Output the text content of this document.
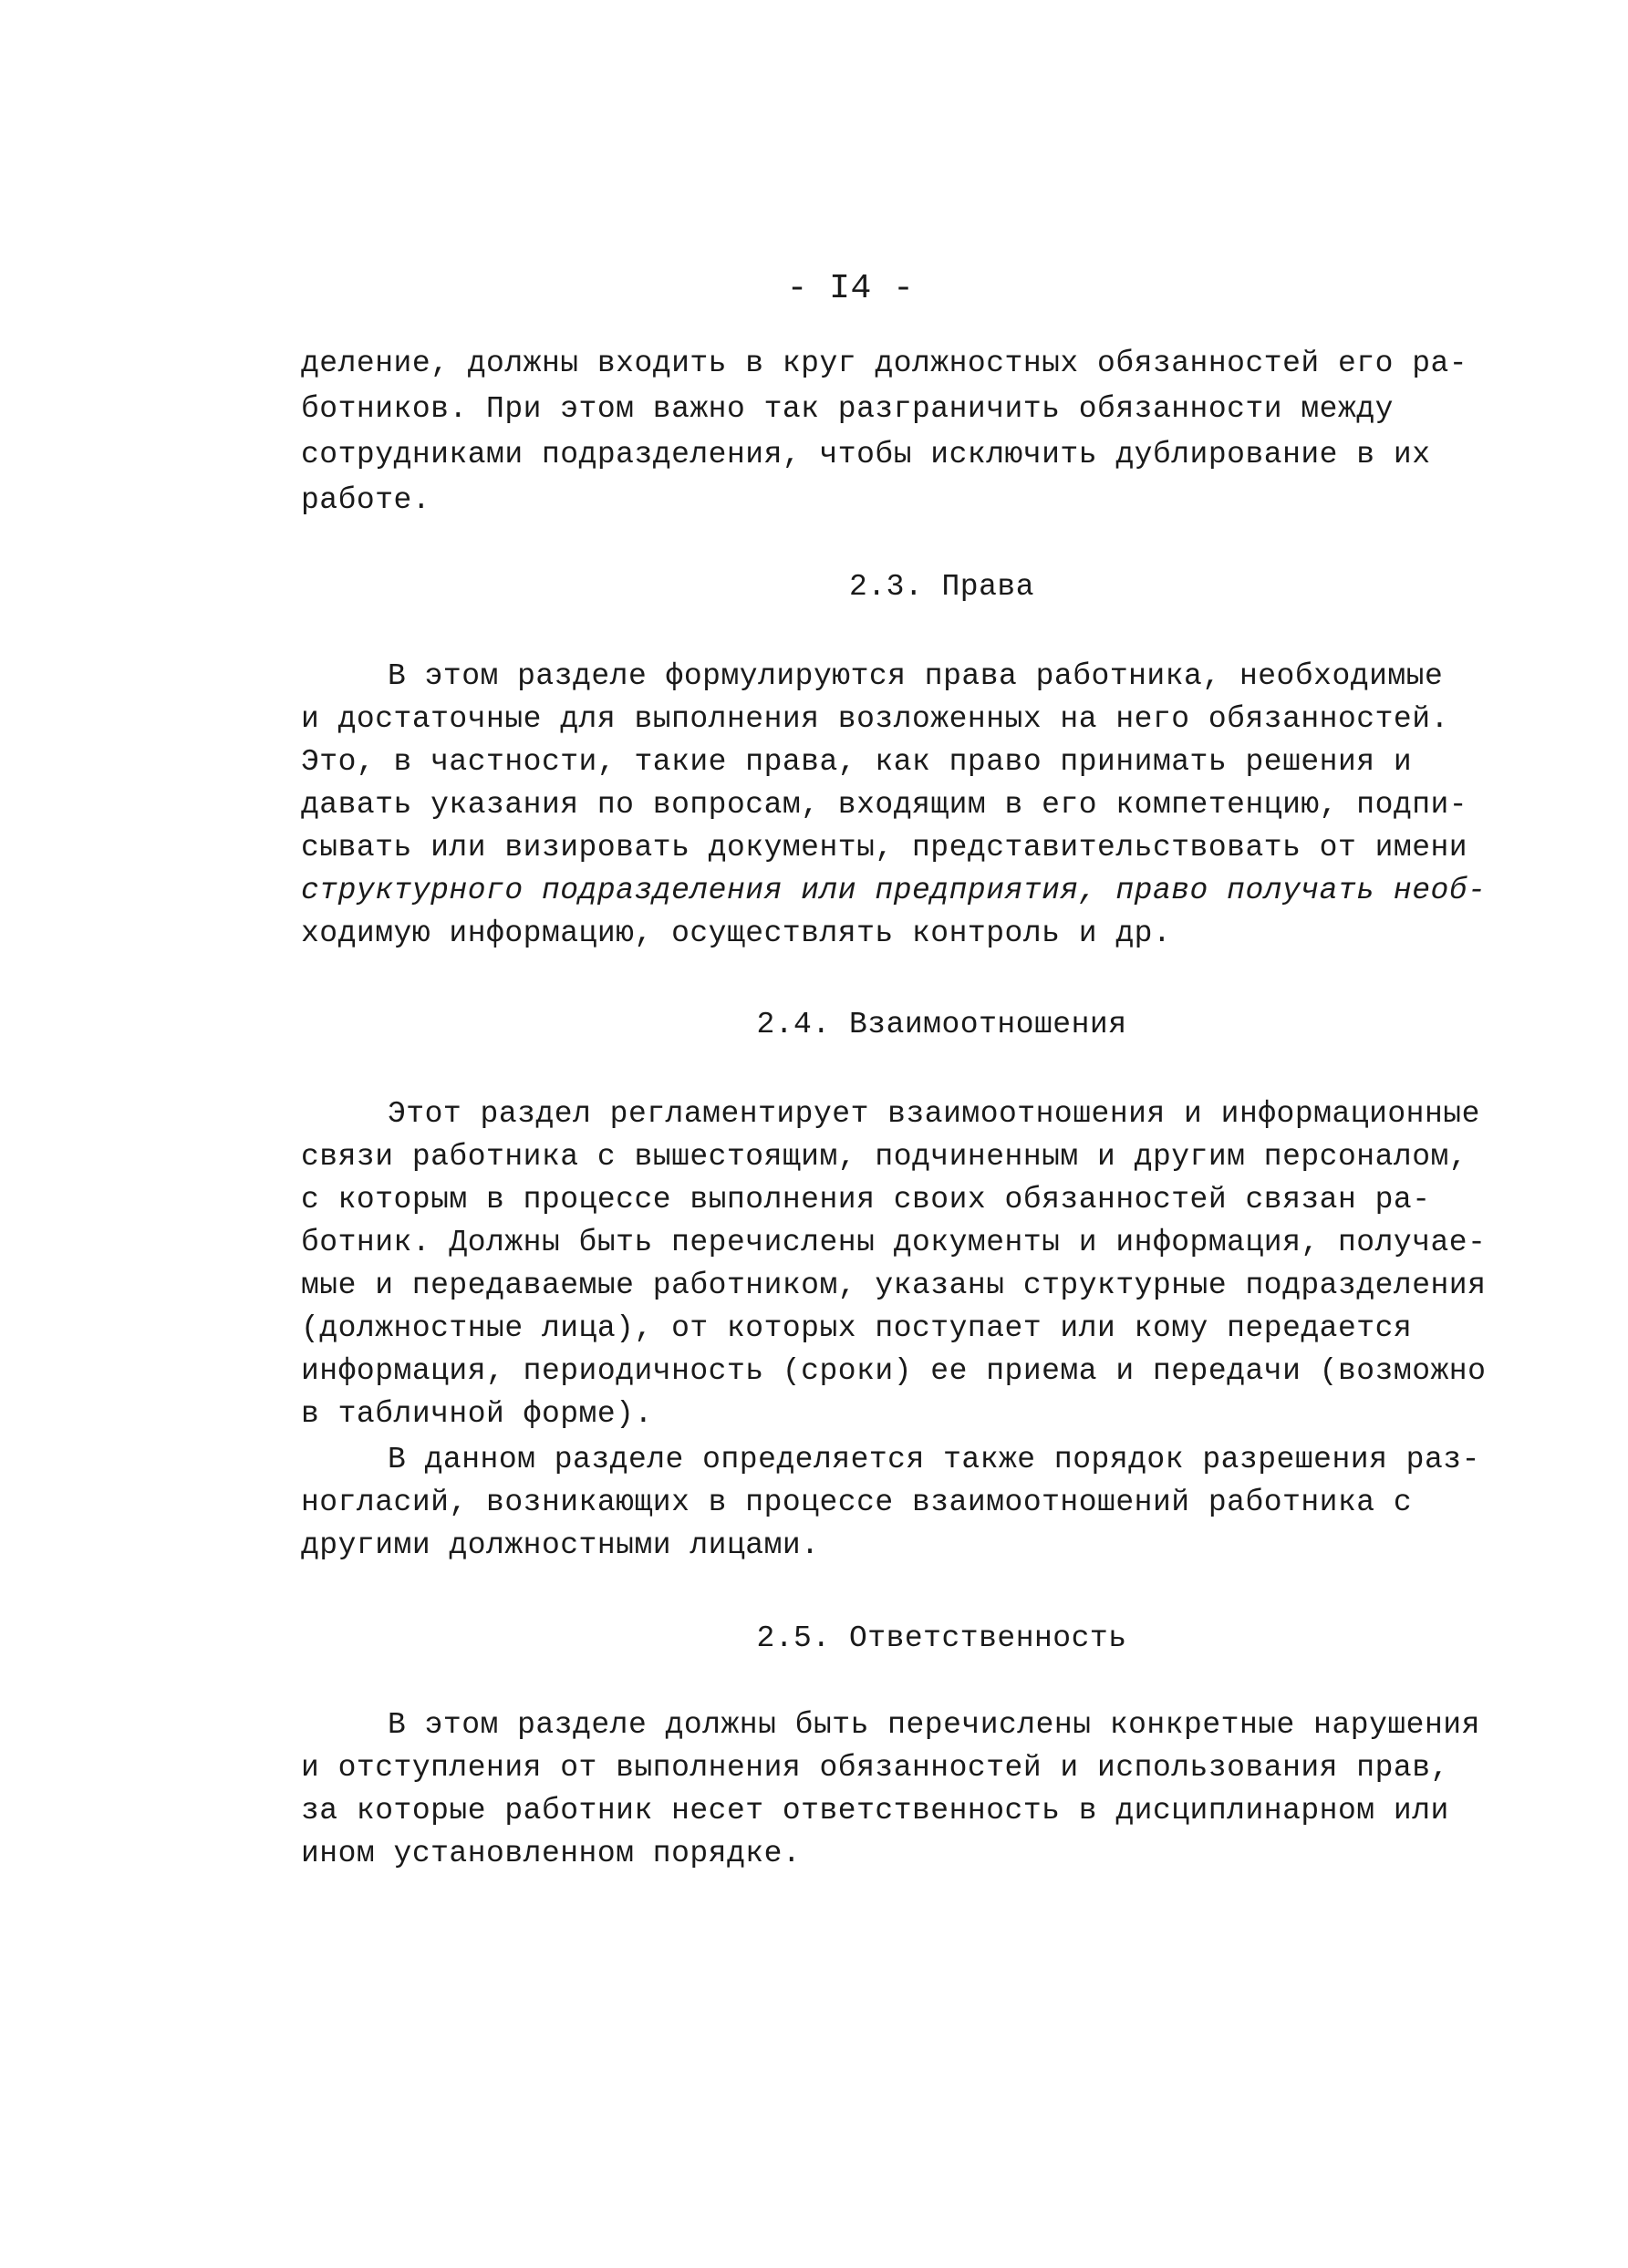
- I4 -
деление, должны входить в круг должностных обязанностей его ра-
ботников. При этом важно так разграничить обязанности между
сотрудниками подразделения, чтобы исключить дублирование в их
работе.
2.3. Права
В этом разделе формулируются права работника, необходимые
и достаточные для выполнения возложенных на него обязанностей.
Это, в частности, такие права, как право принимать решения и
давать указания по вопросам, входящим в его компетенцию, подпи-
сывать или визировать документы, представительствовать от имени
структурного подразделения или предприятия, право получать необ-
ходимую информацию, осуществлять контроль и др.
2.4. Взаимоотношения
Этот раздел регламентирует взаимоотношения и информационные
связи работника с вышестоящим, подчиненным и другим персоналом,
с которым в процессе выполнения своих обязанностей связан ра-
ботник. Должны быть перечислены документы и информация, получае-
мые и передаваемые работником, указаны структурные подразделения
(должностные лица), от которых поступает или кому передается
информация, периодичность (сроки) ее приема и передачи (возможно
в табличной форме).
В данном разделе определяется также порядок разрешения раз-
ногласий, возникающих в процессе взаимоотношений работника с
другими должностными лицами.
2.5. Ответственность
В этом разделе должны быть перечислены конкретные нарушения
и отступления от выполнения обязанностей и использования прав,
за которые работник несет ответственность в дисциплинарном или
ином установленном порядке.
